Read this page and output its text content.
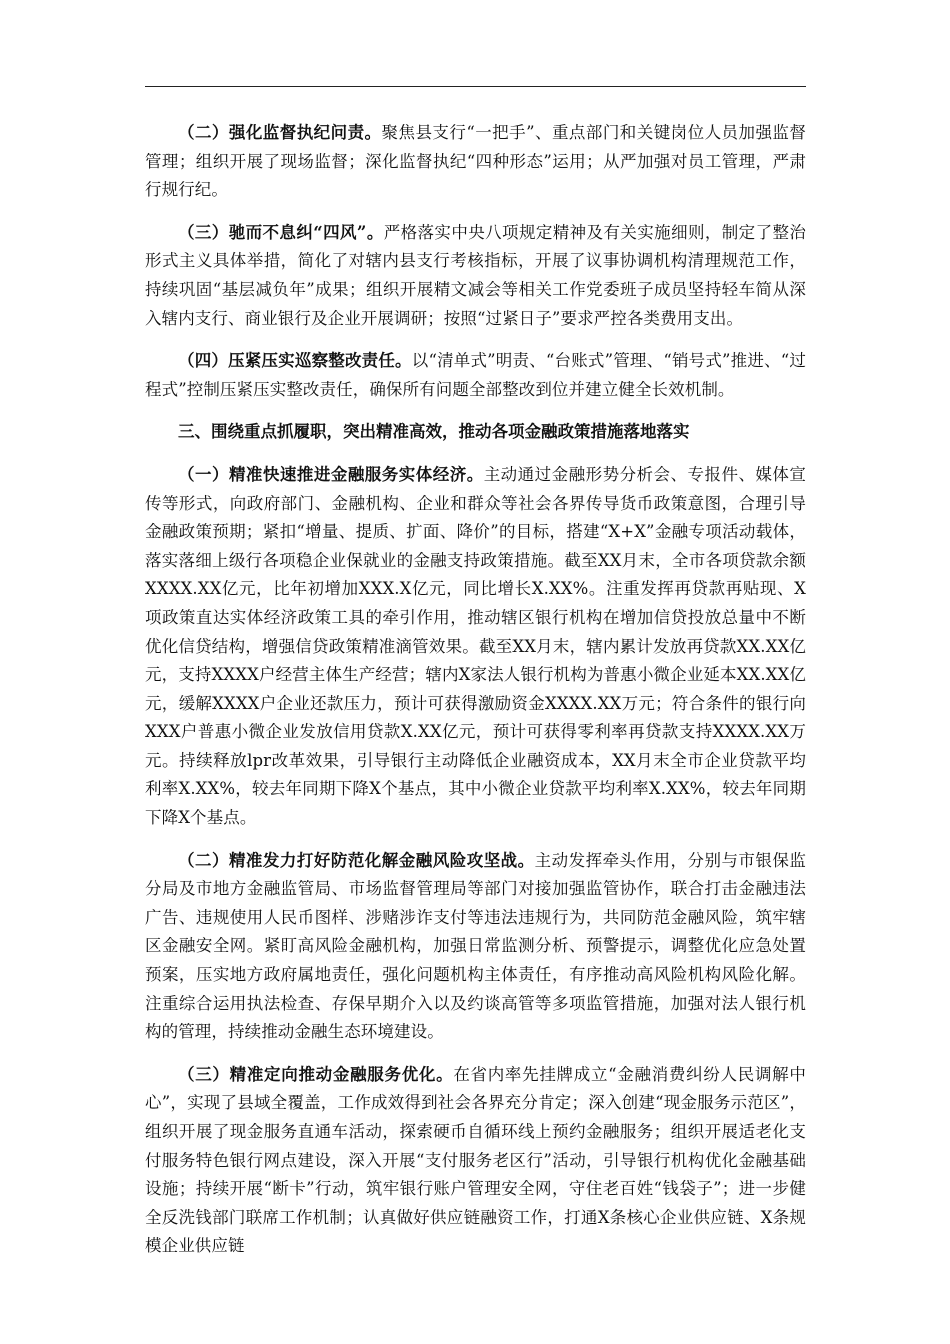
（二）强化监督执纪问责。聚焦县支行“一把手”、重点部门和关键岗位人员加强监督管理；组织开展了现场监督；深化监督执纪“四种形态”运用；从严加强对员工管理，严肃行规行纪。

（三）驰而不息纠“四风”。严格落实中央八项规定精神及有关实施细则，制定了整治形式主义具体举措，简化了对辖内县支行考核指标，开展了议事协调机构清理规范工作，持续巩固“基层减负年”成果；组织开展精文减会等相关工作党委班子成员坚持轻车简从深入辖内支行、商业银行及企业开展调研；按照“过紧日子”要求严控各类费用支出。

（四）压紧压实巡察整改责任。以“清单式”明责、“台账式”管理、“销号式”推进、“过程式”控制压紧压实整改责任，确保所有问题全部整改到位并建立健全长效机制。

三、围绕重点抓履职，突出精准高效，推动各项金融政策措施落地落实

（一）精准快速推进金融服务实体经济。主动通过金融形势分析会、专报件、媒体宣传等形式，向政府部门、金融机构、企业和群众等社会各界传导货币政策意图，合理引导金融政策预期；紧扣“增量、提质、扩面、降价”的目标，搭建“X+X”金融专项活动载体，落实落细上级行各项稳企业保就业的金融支持政策措施。截至XX月末，全市各项贷款余额XXXX.XX亿元，比年初增加XXX.X亿元，同比增长X.XX%。注重发挥再贷款再贴现、X项政策直达实体经济政策工具的牵引作用，推动辖区银行机构在增加信贷投放总量中不断优化信贷结构，增强信贷政策精准滴管效果。截至XX月末，辖内累计发放再贷款XX.XX亿元，支持XXXX户经营主体生产经营；辖内X家法人银行机构为普惠小微企业延本XX.XX亿元，缓解XXXX户企业还款压力，预计可获得激励资金XXXX.XX万元；符合条件的银行向XXX户普惠小微企业发放信用贷款X.XX亿元，预计可获得零利率再贷款支持XXXX.XX万元。持续释放lpr改革效果，引导银行主动降低企业融资成本，XX月末全市企业贷款平均利率X.XX%，较去年同期下降X个基点，其中小微企业贷款平均利率X.XX%，较去年同期下降X个基点。

（二）精准发力打好防范化解金融风险攻坚战。主动发挥牵头作用，分别与市银保监分局及市地方金融监管局、市场监督管理局等部门对接加强监管协作，联合打击金融违法广告、违规使用人民币图样、涉赌涉诈支付等违法违规行为，共同防范金融风险，筑牢辖区金融安全网。紧盯高风险金融机构，加强日常监测分析、预警提示，调整优化应急处置预案，压实地方政府属地责任，强化问题机构主体责任，有序推动高风险机构风险化解。注重综合运用执法检查、存保早期介入以及约谈高管等多项监管措施，加强对法人银行机构的管理，持续推动金融生态环境建设。

（三）精准定向推动金融服务优化。在省内率先挂牌成立“金融消费纠纷人民调解中心”，实现了县域全覆盖，工作成效得到社会各界充分肯定；深入创建“现金服务示范区”，组织开展了现金服务直通车活动，探索硬币自循环线上预约金融服务；组织开展适老化支付服务特色银行网点建设，深入开展“支付服务老区行”活动，引导银行机构优化金融基础设施；持续开展“断卡”行动，筑牢银行账户管理安全网，守住老百姓“钱袋子”；进一步健全反洗钱部门联席工作机制；认真做好供应链融资工作，打通X条核心企业供应链、X条规模企业供应链
